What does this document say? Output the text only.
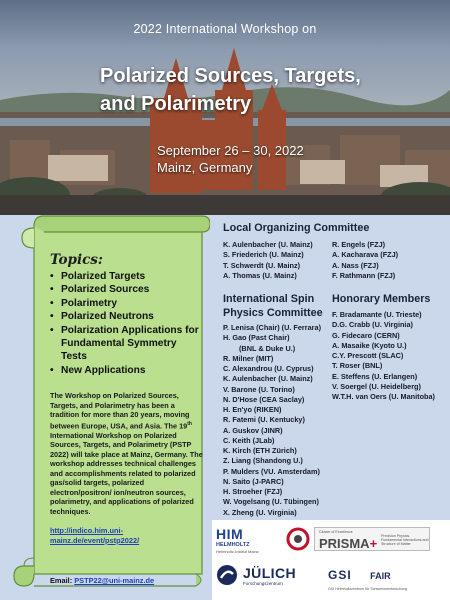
2022 International Workshop on
Polarized Sources, Targets,
and Polarimetry
September 26 – 30, 2022
Mainz, Germany
Topics:
• Polarized Targets
• Polarized Sources
• Polarimetry
• Polarized Neutrons
• Polarization Applications for Fundamental Symmetry Tests
• New Applications

The Workshop on Polarized Sources, Targets, and Polarimetry has been a tradition for more than 20 years, moving between Europe, USA, and Asia. The 19th International Workshop on Polarized Sources, Targets, and Polarimetry (PSTP 2022) will take place at Mainz, Germany. The workshop addresses technical challenges and accomplishments related to polarized gas/solid targets, polarized electron/positron/ ion/neutron sources, polarimetry, and applications of polarized techniques.

http://indico.him.uni-mainz.de/event/pstp2022/
Email: PSTP22@uni-mainz.de
Local Organizing Committee
K. Aulenbacher (U. Mainz)
S. Friederich (U. Mainz)
T. Schwerdt (U. Mainz)
A. Thomas (U. Mainz)
R. Engels (FZJ)
A. Kacharava (FZJ)
A. Nass (FZJ)
F. Rathmann (FZJ)
International Spin
Physics Committee
P. Lenisa (Chair) (U. Ferrara)
H. Gao (Past Chair)
(BNL & Duke U.)
R. Milner (MIT)
C. Alexandrou (U. Cyprus)
K. Aulenbacher (U. Mainz)
V. Barone (U. Torino)
N. D'Hose (CEA Saclay)
H. En'yo (RIKEN)
R. Fatemi (U. Kentucky)
A. Guskov (JINR)
C. Keith (JLab)
K. Kirch (ETH Zürich)
Z. Liang (Shandong U.)
P. Mulders (VU. Amsterdam)
N. Saito (J-PARC)
H. Stroeher (FZJ)
W. Vogelsang (U. Tübingen)
X. Zheng (U. Virginia)
Honorary Members
F. Bradamante (U. Trieste)
D.G. Crabb (U. Virginia)
G. Fidecaro (CERN)
A. Masaike (Kyoto U.)
C.Y. Prescott (SLAC)
T. Roser (BNL)
E. Steffens (U. Erlangen)
V. Soergel (U. Heidelberg)
W.T.H. van Oers (U. Manitoba)
HIM
HELMHOLTZ
Helmholtz-Institut Mainz
Cluster of Excellence
PRISMA+ Precision Physics, Fundamental Interactions and Structure of Matter
JÜLICH
Forschungszentrum
GSI FAIR
GSI Helmholtzzentrum für Schwerionenforschung
